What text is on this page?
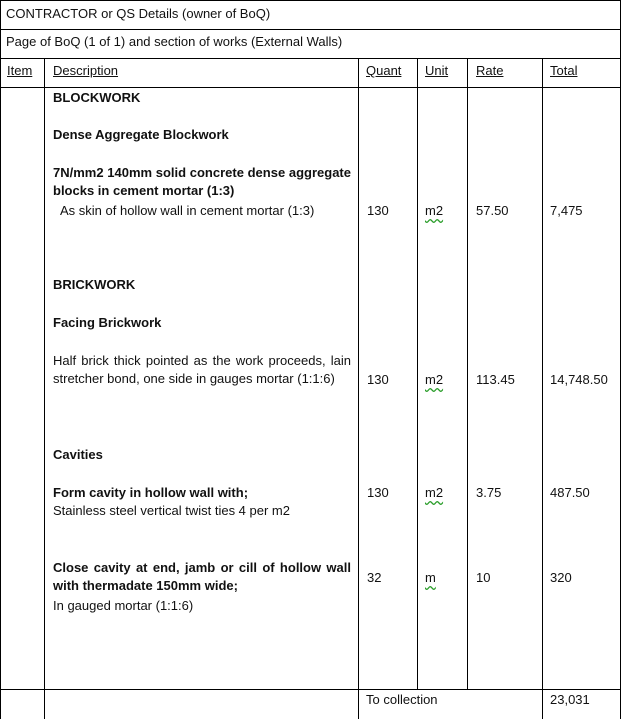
CONTRACTOR or QS Details (owner of BoQ)
Page of BoQ (1 of 1) and section of works (External Walls)
Item Description	Quant Unit Rate	Total
BLOCKWORK
Dense Aggregate Blockwork
7N/mm2 140mm solid concrete dense aggregate blocks in cement mortar (1:3)
As skin of hollow wall in cement mortar (1:3)	130	m2	57.50	7,475
BRICKWORK
Facing Brickwork
Half brick thick pointed as the work proceeds, lain stretcher bond, one side in gauges mortar (1:1:6)	130	m2	113.45	14,748.50
Cavities
Form cavity in hollow wall with;
Stainless steel vertical twist ties 4 per m2
130	m2	3.75	487.50
Close cavity at end, jamb or cill of hollow wall with thermadate 150mm wide;
In gauged mortar (1:1:6)
32	m	10	320
To collection	23,031
